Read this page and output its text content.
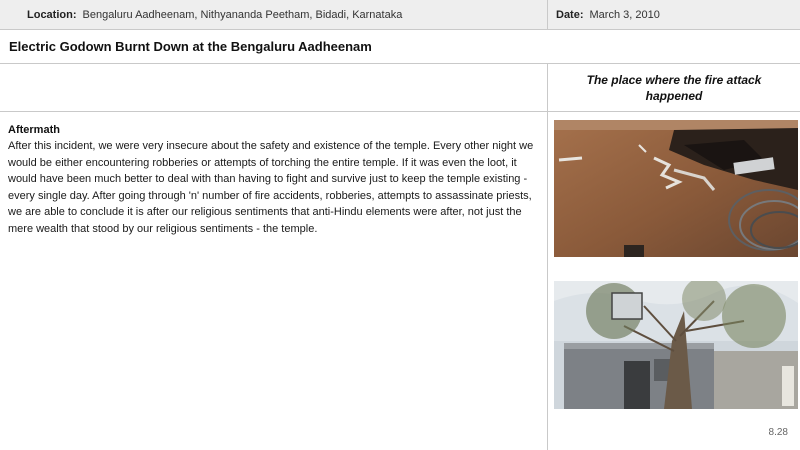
Location: Bengaluru Aadheenam, Nithyananda Peetham, Bidadi, Karnataka	Date: March 3, 2010
Electric Godown Burnt Down at the Bengaluru Aadheenam
The place where the fire attack happened
Aftermath

After this incident, we were very insecure about the safety and existence of the temple. Every other night we would be either encountering robberies or attempts of torching the entire temple. If it was even the loot, it would have been much better to deal with than having to fight and survive just to keep the temple existing - every single day. After going through 'n' number of fire accidents, robberies, attempts to assassinate priests, we are able to conclude it is after our religious sentiments that anti-Hindu elements were after, not just the mere wealth that stood by our religious sentiments - the temple.

8.28
